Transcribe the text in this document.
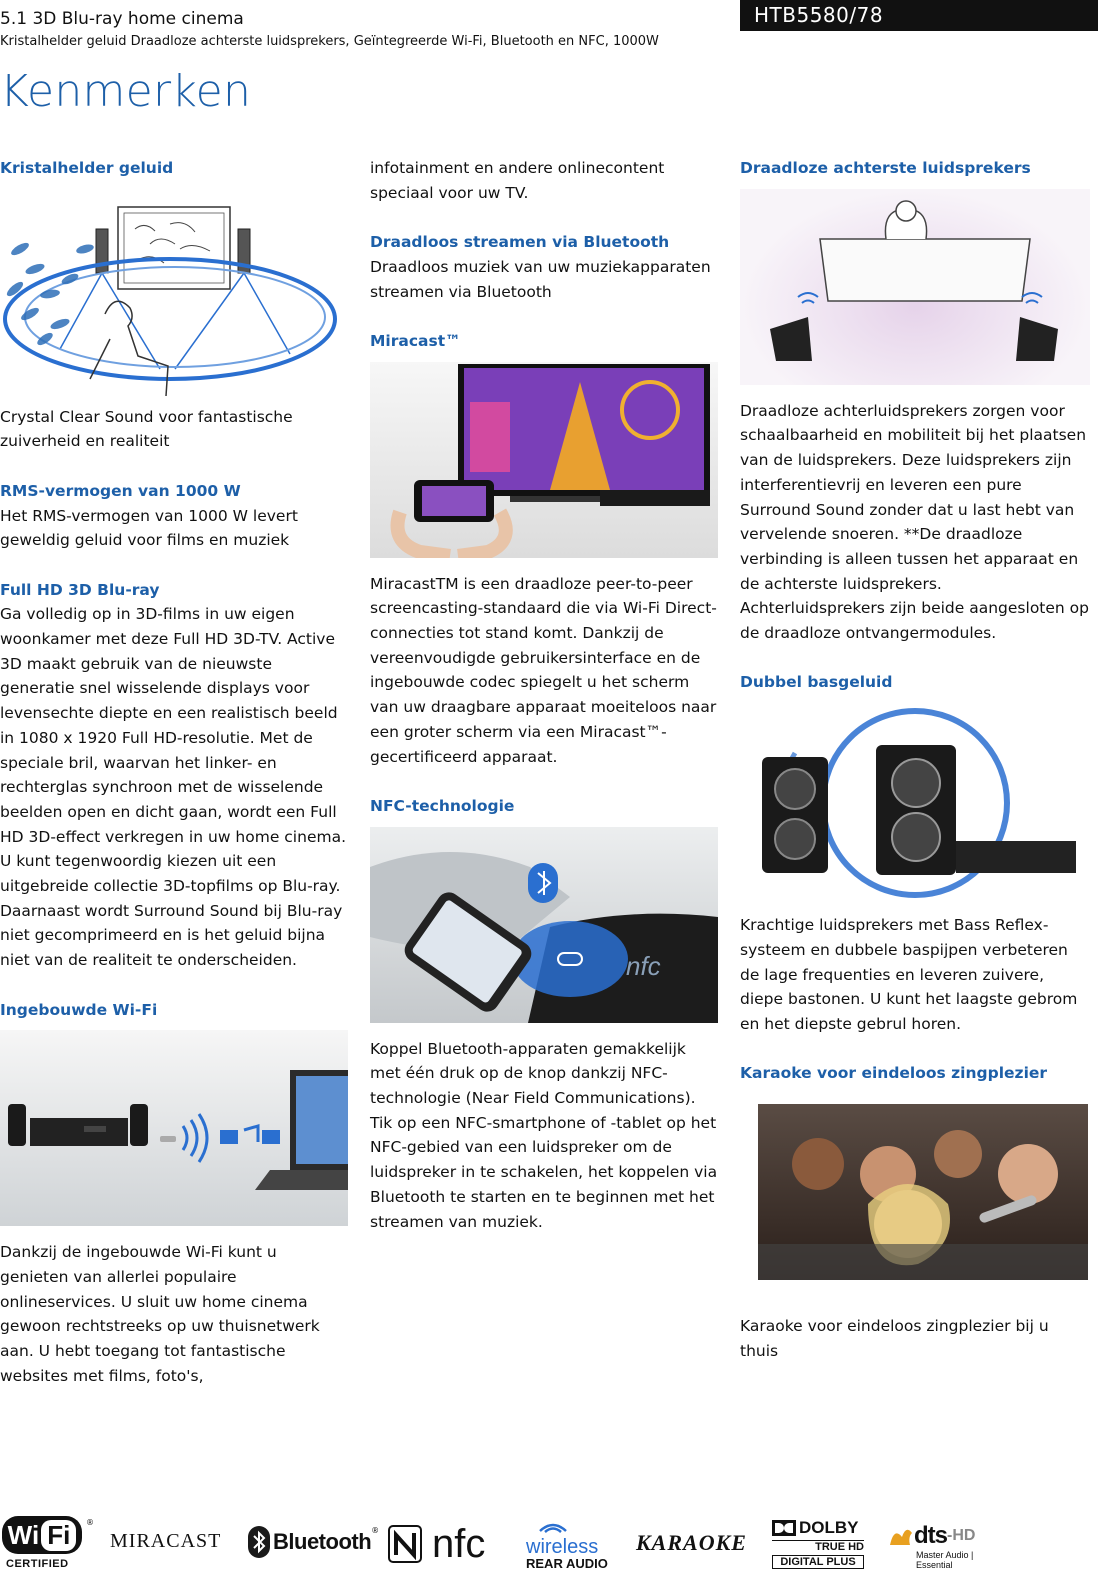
5.1 3D Blu-ray home cinema
Kristalhelder geluid Draadloze achterste luidsprekers, Geïntegreerde Wi-Fi, Bluetooth en NFC, 1000W
HTB5580/78
Kenmerken
Kristalhelder geluid

Crystal Clear Sound voor fantastische zuiverheid en realiteit

RMS-vermogen van 1000 W

Het RMS-vermogen van 1000 W levert geweldig geluid voor films en muziek

Full HD 3D Blu-ray

Ga volledig op in 3D-films in uw eigen woonkamer met deze Full HD 3D-TV. Active 3D maakt gebruik van de nieuwste generatie snel wisselende displays voor levensechte diepte en een realistisch beeld in 1080 x 1920 Full HD-resolutie. Met de speciale bril, waarvan het linker- en rechterglas synchroon met de wisselende beelden open en dicht gaan, wordt een Full HD 3D-effect verkregen in uw home cinema. U kunt tegenwoordig kiezen uit een uitgebreide collectie 3D-topfilms op Blu-ray. Daarnaast wordt Surround Sound bij Blu-ray niet gecomprimeerd en is het geluid bijna niet van de realiteit te onderscheiden.

Ingebouwde Wi-Fi

Dankzij de ingebouwde Wi-Fi kunt u genieten van allerlei populaire onlineservices. U sluit uw home cinema gewoon rechtstreeks op uw thuisnetwerk aan. U hebt toegang tot fantastische websites met films, foto's,

infotainment en andere onlinecontent speciaal voor uw TV.

Draadloos streamen via Bluetooth

Draadloos muziek van uw muziekapparaten streamen via Bluetooth

Miracast™

MiracastTM is een draadloze peer-to-peer screencasting-standaard die via Wi-Fi Direct-connecties tot stand komt. Dankzij de vereenvoudigde gebruikersinterface en de ingebouwde codec spiegelt u het scherm van uw draagbare apparaat moeiteloos naar een groter scherm via een Miracast™-gecertificeerd apparaat.

NFC-technologie
nfc

Koppel Bluetooth-apparaten gemakkelijk met één druk op de knop dankzij NFC-technologie (Near Field Communications). Tik op een NFC-smartphone of -tablet op het NFC-gebied van een luidspreker om de luidspreker in te schakelen, het koppelen via Bluetooth te starten en te beginnen met het streamen van muziek.

Draadloze achterste luidsprekers

Draadloze achterluidsprekers zorgen voor schaalbaarheid en mobiliteit bij het plaatsen van de luidsprekers. Deze luidsprekers zijn interferentievrij en leveren een pure Surround Sound zonder dat u last hebt van vervelende snoeren. **De draadloze verbinding is alleen tussen het apparaat en de achterste luidsprekers. Achterluidsprekers zijn beide aangesloten op de draadloze ontvangermodules.

Dubbel basgeluid

Krachtige luidsprekers met Bass Reflex-systeem en dubbele baspijpen verbeteren de lage frequenties en leveren zuivere, diepe bastonen. U kunt het laagste gebrom en het diepste gebrul horen.

Karaoke voor eindeloos zingplezier

Karaoke voor eindeloos zingplezier bij u thuis

Wi Fi	®
CERTIFIED
MIRACAST Bluetooth ® nfc wireless
REAR AUDIO
KARAOKE
DOLBY
TRUE HD
DIGITAL PLUS
dts -HD
Master Audio | Essential
